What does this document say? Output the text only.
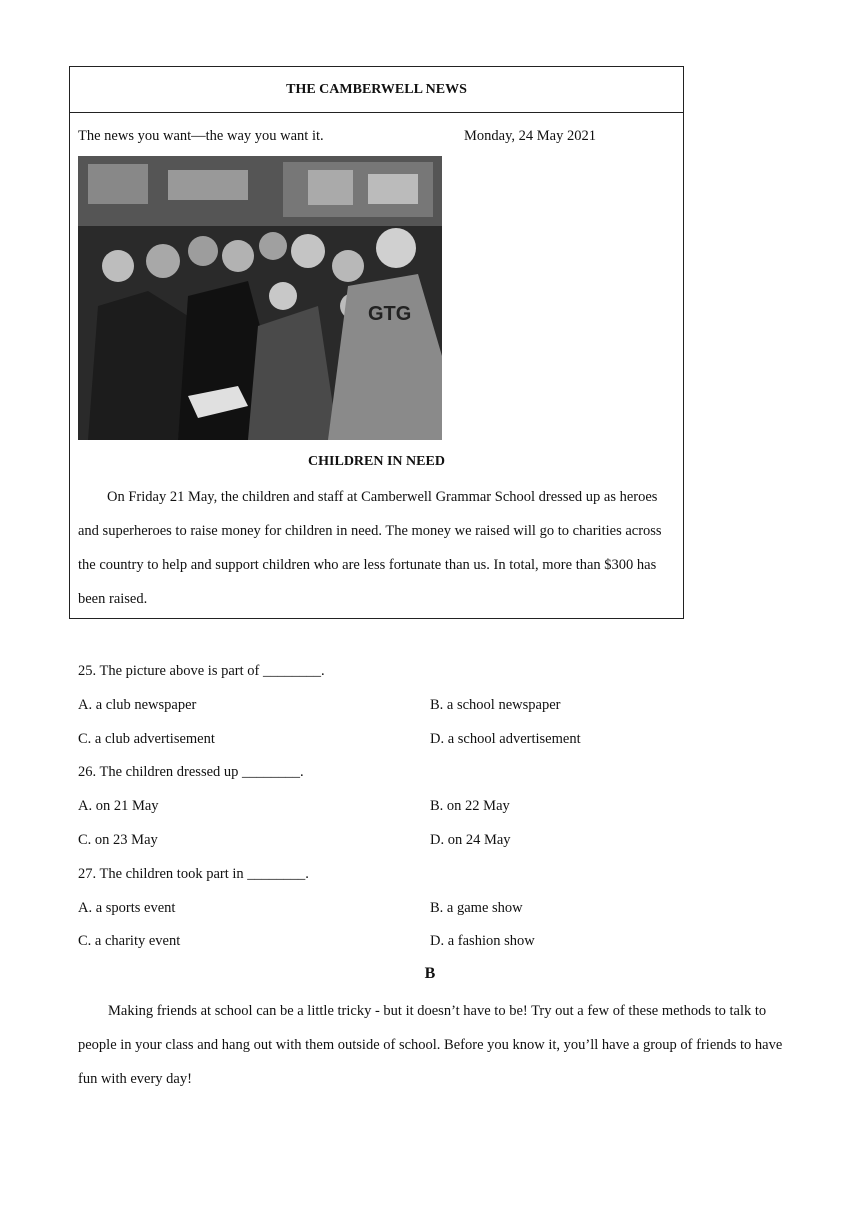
THE CAMBERWELL NEWS
The news you want—the way you want it.	Monday, 24 May 2021
GTG
CHILDREN IN NEED

On Friday 21 May, the children and staff at Camberwell Grammar School dressed up as heroes and superheroes to raise money for children in need. The money we raised will go to charities across the country to help and support children who are less fortunate than us. In total, more than $300 has been raised.

25. The picture above is part of ________.
A. a club newspaper	B. a school newspaper
C. a club advertisement	D. a school advertisement
26. The children dressed up ________.
A. on 21 May	B. on 22 May
C. on 23 May	D. on 24 May
27. The children took part in ________.
A. a sports event	B. a game show
C. a charity event	D. a fashion show
B

Making friends at school can be a little tricky - but it doesn’t have to be! Try out a few of these methods to talk to people in your class and hang out with them outside of school. Before you know it, you’ll have a group of friends to have fun with every day!
